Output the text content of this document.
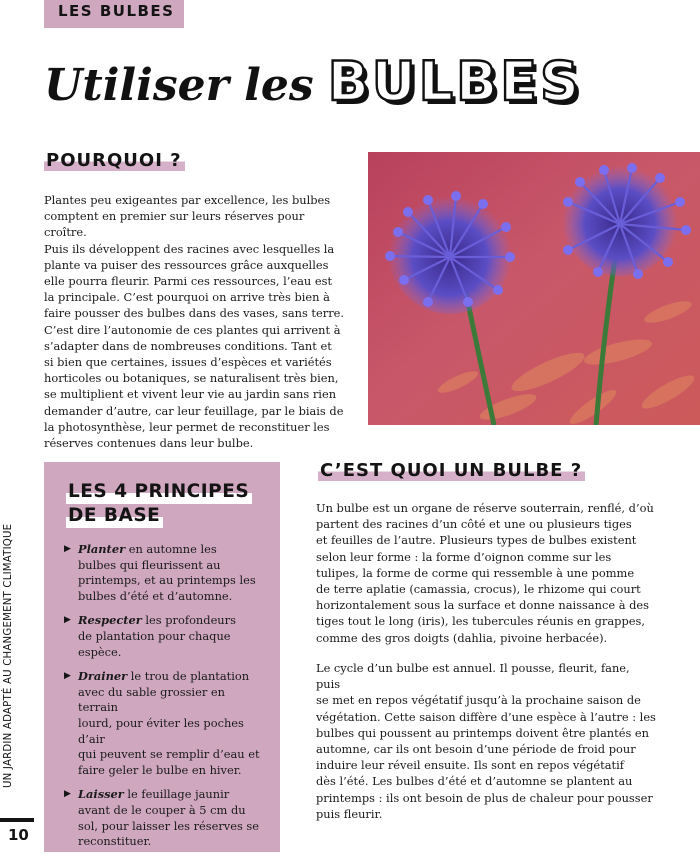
LES BULBES
Utiliser les BULBES
POURQUOI ?

Plantes peu exigeantes par excellence, les bulbes
comptent en premier sur leurs réserves pour croître.
Puis ils développent des racines avec lesquelles la
plante va puiser des ressources grâce auxquelles
elle pourra fleurir. Parmi ces ressources, l’eau est
la principale. C’est pourquoi on arrive très bien à
faire pousser des bulbes dans des vases, sans terre.
C’est dire l’autonomie de ces plantes qui arrivent à
s’adapter dans de nombreuses conditions. Tant et
si bien que certaines, issues d’espèces et variétés
horticoles ou botaniques, se naturalisent très bien,
se multiplient et vivent leur vie au jardin sans rien
demander d’autre, car leur feuillage, par le biais de
la photosynthèse, leur permet de reconstituer les
réserves contenues dans leur bulbe.

LES 4 PRINCIPES
DE BASE
▶ Planter en automne les
bulbes qui fleurissent au
printemps, et au printemps les
bulbes d’été et d’automne.
▶ Respecter les profondeurs
de plantation pour chaque
espèce.
▶ Drainer le trou de plantation
avec du sable grossier en terrain
lourd, pour éviter les poches d’air
qui peuvent se remplir d’eau et
faire geler le bulbe en hiver.
▶ Laisser le feuillage jaunir
avant de le couper à 5 cm du
sol, pour laisser les réserves se
reconstituer.
C’EST QUOI UN BULBE ?

Un bulbe est un organe de réserve souterrain, renflé, d’où
partent des racines d’un côté et une ou plusieurs tiges
et feuilles de l’autre. Plusieurs types de bulbes existent
selon leur forme : la forme d’oignon comme sur les
tulipes, la forme de corme qui ressemble à une pomme
de terre aplatie (camassia, crocus), le rhizome qui court
horizontalement sous la surface et donne naissance à des
tiges tout le long (iris), les tubercules réunis en grappes,
comme des gros doigts (dahlia, pivoine herbacée).

Le cycle d’un bulbe est annuel. Il pousse, fleurit, fane, puis
se met en repos végétatif jusqu’à la prochaine saison de
végétation. Cette saison diffère d’une espèce à l’autre : les
bulbes qui poussent au printemps doivent être plantés en
automne, car ils ont besoin d’une période de froid pour
induire leur réveil ensuite. Ils sont en repos végétatif
dès l’été. Les bulbes d’été et d’automne se plantent au
printemps : ils ont besoin de plus de chaleur pour pousser
puis fleurir.

UN JARDIN ADAPTÉ AU CHANGEMENT CLIMATIQUE
10
